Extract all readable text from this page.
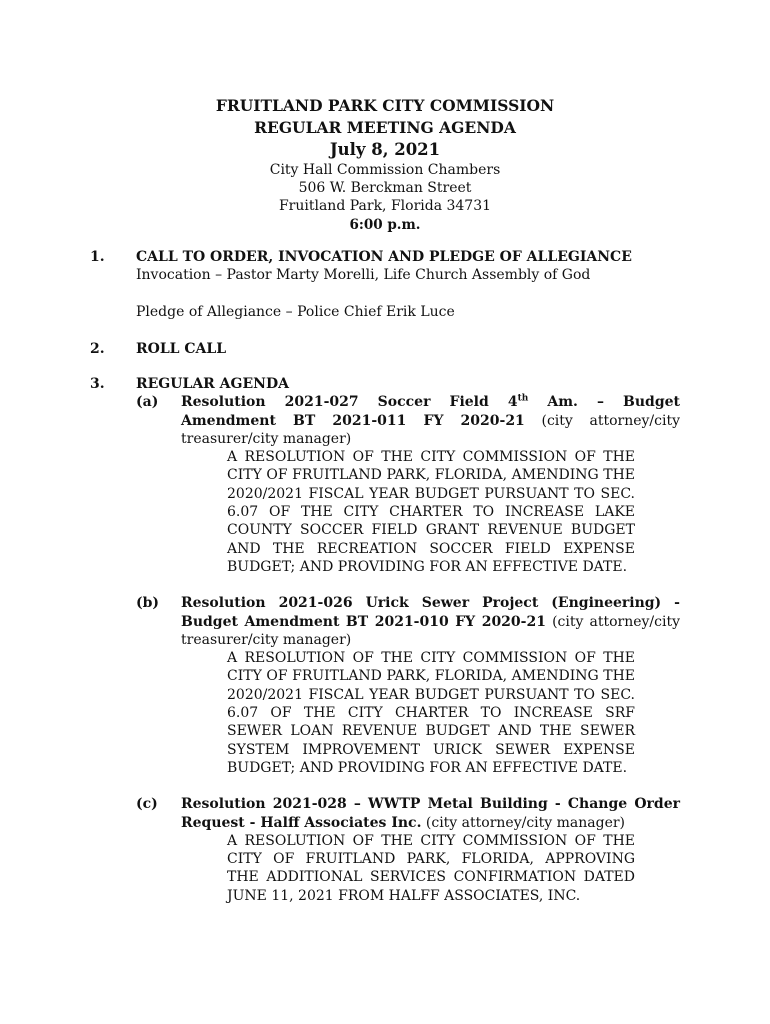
FRUITLAND PARK CITY COMMISSION
REGULAR MEETING AGENDA
July 8, 2021
City Hall Commission Chambers
506 W. Berckman Street
Fruitland Park, Florida 34731
6:00 p.m.
1. CALL TO ORDER, INVOCATION AND PLEDGE OF ALLEGIANCE
Invocation – Pastor Marty Morelli, Life Church Assembly of God
Pledge of Allegiance – Police Chief Erik Luce
2. ROLL CALL
3. REGULAR AGENDA
(a) Resolution 2021-027 Soccer Field 4th Am. – Budget Amendment BT 2021-011 FY 2020-21 (city attorney/city treasurer/city manager)
A RESOLUTION OF THE CITY COMMISSION OF THE CITY OF FRUITLAND PARK, FLORIDA, AMENDING THE 2020/2021 FISCAL YEAR BUDGET PURSUANT TO SEC. 6.07 OF THE CITY CHARTER TO INCREASE LAKE COUNTY SOCCER FIELD GRANT REVENUE BUDGET AND THE RECREATION SOCCER FIELD EXPENSE BUDGET; AND PROVIDING FOR AN EFFECTIVE DATE.
(b) Resolution 2021-026 Urick Sewer Project (Engineering) - Budget Amendment BT 2021-010 FY 2020-21 (city attorney/city treasurer/city manager)
A RESOLUTION OF THE CITY COMMISSION OF THE CITY OF FRUITLAND PARK, FLORIDA, AMENDING THE 2020/2021 FISCAL YEAR BUDGET PURSUANT TO SEC. 6.07 OF THE CITY CHARTER TO INCREASE SRF SEWER LOAN REVENUE BUDGET AND THE SEWER SYSTEM IMPROVEMENT URICK SEWER EXPENSE BUDGET; AND PROVIDING FOR AN EFFECTIVE DATE.
(c) Resolution 2021-028 – WWTP Metal Building - Change Order Request - Halff Associates Inc. (city attorney/city manager)
A RESOLUTION OF THE CITY COMMISSION OF THE CITY OF FRUITLAND PARK, FLORIDA, APPROVING THE ADDITIONAL SERVICES CONFIRMATION DATED JUNE 11, 2021 FROM HALFF ASSOCIATES, INC.
